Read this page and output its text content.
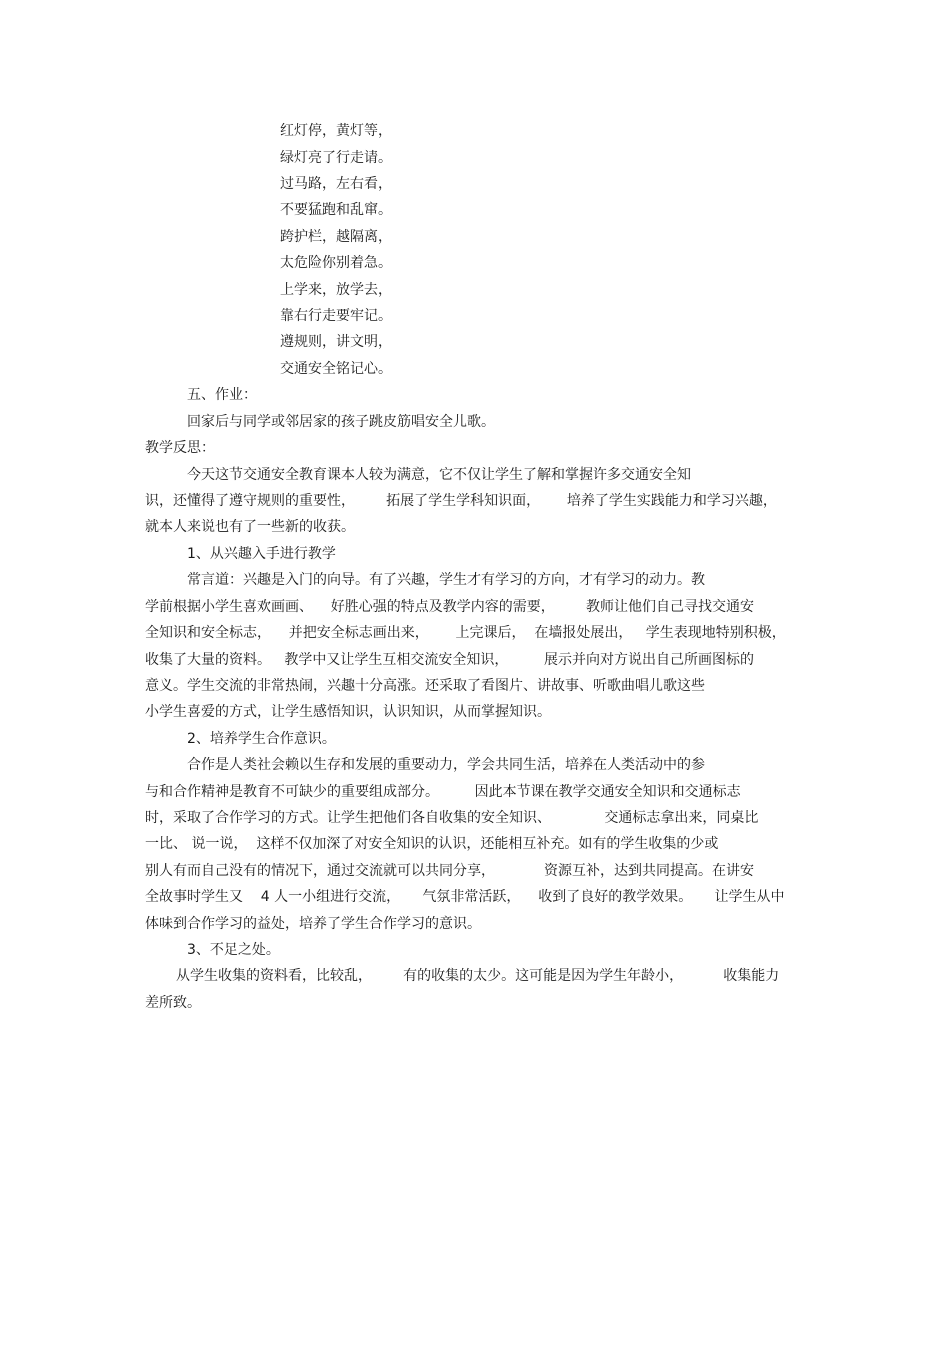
红灯停，黄灯等，
绿灯亮了行走请。
过马路，左右看，
不要猛跑和乱窜。
跨护栏，越隔离，
太危险你别着急。
上学来，放学去，
靠右行走要牢记。
遵规则，讲文明，
交通安全铭记心。
五、作业：
回家后与同学或邻居家的孩子跳皮筋唱安全儿歌。
教学反思：
今天这节交通安全教育课本人较为满意，它不仅让学生了解和掌握许多交通安全知
识，还懂得了遵守规则的重要性，       拓展了学生学科知识面，      培养了学生实践能力和学习兴趣，
就本人来说也有了一些新的收获。
1、从兴趣入手进行教学
常言道：兴趣是入门的向导。有了兴趣，学生才有学习的方向，才有学习的动力。教
学前根据小学生喜欢画画、    好胜心强的特点及教学内容的需要，       教师让他们自己寻找交通安
全知识和安全标志，    并把安全标志画出来，      上完课后，  在墙报处展出，   学生表现地特别积极，
收集了大量的资料。   教学中又让学生互相交流安全知识，        展示并向对方说出自己所画图标的
意义。学生交流的非常热闹，兴趣十分高涨。还采取了看图片、讲故事、听歌曲唱儿歌这些
小学生喜爱的方式，让学生感悟知识，认识知识，从而掌握知识。
2、培养学生合作意识。
合作是人类社会赖以生存和发展的重要动力，学会共同生活，培养在人类活动中的参
与和合作精神是教育不可缺少的重要组成部分。        因此本节课在教学交通安全知识和交通标志
时，采取了合作学习的方式。让学生把他们各自收集的安全知识、            交通标志拿出来，同桌比
一比、 说一说，  这样不仅加深了对安全知识的认识，还能相互补充。如有的学生收集的少或
别人有而自己没有的情况下，通过交流就可以共同分享，           资源互补，达到共同提高。在讲安
全故事时学生又    4 人一小组进行交流，     气氛非常活跃，    收到了良好的教学效果。     让学生从中
体味到合作学习的益处，培养了学生合作学习的意识。
3、不足之处。
从学生收集的资料看，比较乱，       有的收集的太少。这可能是因为学生年龄小，         收集能力
差所致。
